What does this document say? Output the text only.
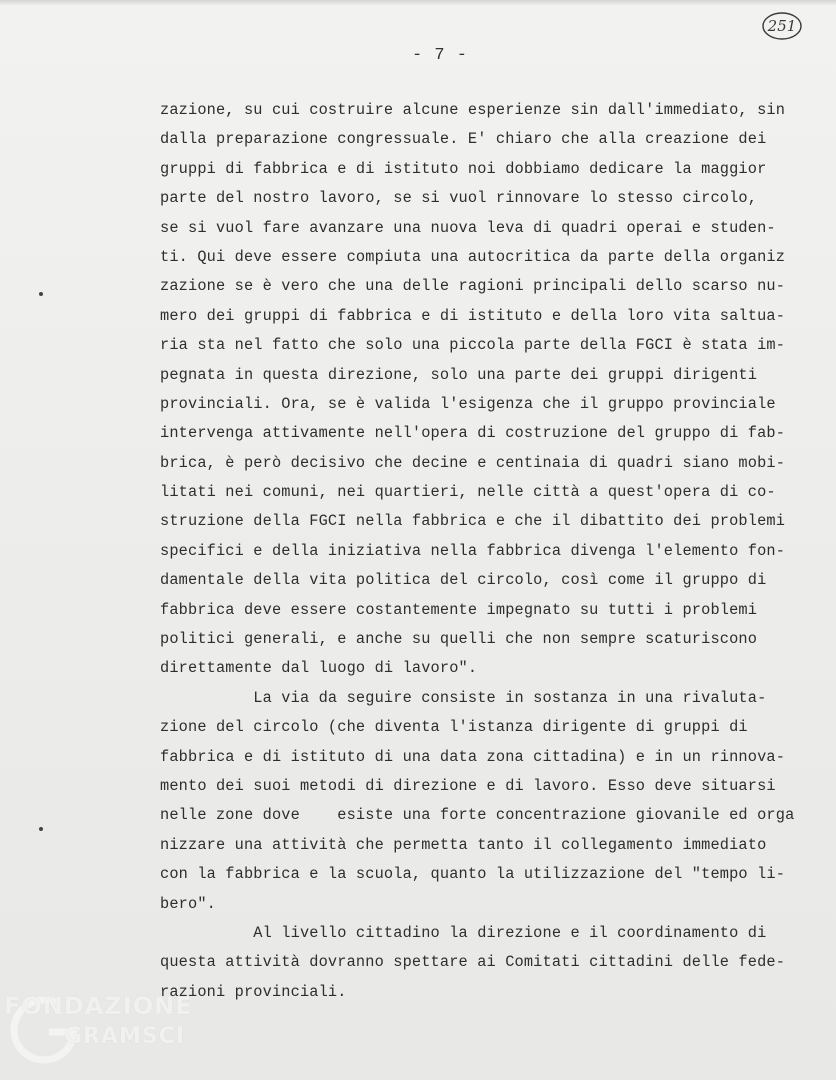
251
- 7 -
zazione, su cui costruire alcune esperienze sin dall'immediato, sin
dalla preparazione congressuale. E' chiaro che alla creazione dei
gruppi di fabbrica e di istituto noi dobbiamo dedicare la maggior
parte del nostro lavoro, se si vuol rinnovare lo stesso circolo,
se si vuol fare avanzare una nuova leva di quadri operai e studen-
ti. Qui deve essere compiuta una autocritica da parte della organiz
zazione se è vero che una delle ragioni principali dello scarso nu-
mero dei gruppi di fabbrica e di istituto e della loro vita saltua-
ria sta nel fatto che solo una piccola parte della FGCI è stata im-
pegnata in questa direzione, solo una parte dei gruppi dirigenti
provinciali. Ora, se è valida l'esigenza che il gruppo provinciale
intervenga attivamente nell'opera di costruzione del gruppo di fab-
brica, è però decisivo che decine e centinaia di quadri siano mobi-
litati nei comuni, nei quartieri, nelle città a quest'opera di co-
struzione della FGCI nella fabbrica e che il dibattito dei problemi
specifici e della iniziativa nella fabbrica divenga l'elemento fon-
damentale della vita politica del circolo, così come il gruppo di
fabbrica deve essere costantemente impegnato su tutti i problemi
politici generali, e anche su quelli che non sempre scaturiscono
direttamente dal luogo di lavoro".
La via da seguire consiste in sostanza in una rivaluta-
zione del circolo (che diventa l'istanza dirigente di gruppi di
fabbrica e di istituto di una data zona cittadina) e in un rinnova-
mento dei suoi metodi di direzione e di lavoro. Esso deve situarsi
nelle zone dove    esiste una forte concentrazione giovanile ed orga
nizzare una attività che permetta tanto il collegamento immediato
con la fabbrica e la scuola, quanto la utilizzazione del "tempo li-
bero".
Al livello cittadino la direzione e il coordinamento di
questa attività dovranno spettare ai Comitati cittadini delle fede-
razioni provinciali.
FONDAZIONE
GRAMSCI
